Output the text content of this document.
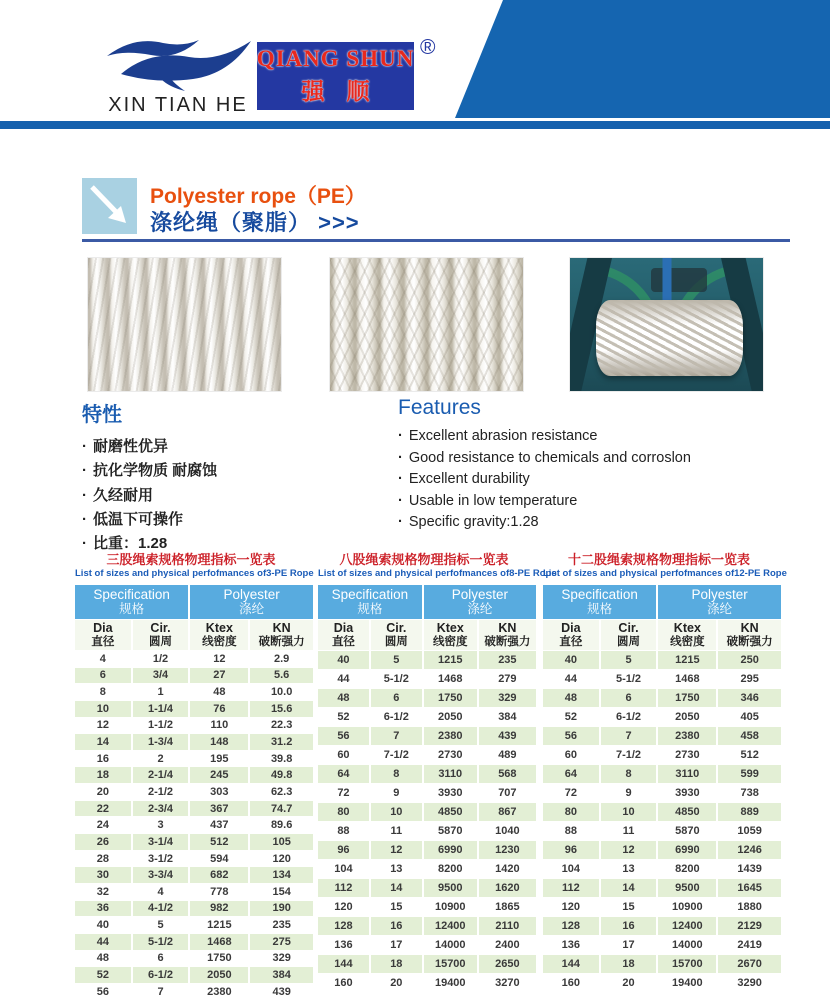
XIN TIAN HE
QIANG SHUN
强顺
®
Polyester rope（PE）
涤纶绳（聚脂） >>>
特性
· 耐磨性优异
· 抗化学物质 耐腐蚀
· 久经耐用
· 低温下可操作
· 比重：1.28
Features
· Excellent abrasion resistance
· Good resistance to chemicals and corroslon
· Excellent durability
· Usable in low temperature
· Specific gravity:1.28
三股绳索规格物理指标一览表
List of sizes and physical perfofmances of3-PE Rope
Specification
规格
Polyester
涤纶
Dia
直径
Cir.
圆周
Ktex
线密度
KN
破断强力
4	1/2	12	2.9
6	3/4	27	5.6
8	1	48	10.0
10	1-1/4	76	15.6
12	1-1/2	110	22.3
14	1-3/4	148	31.2
16	2	195	39.8
18	2-1/4	245	49.8
20	2-1/2	303	62.3
22	2-3/4	367	74.7
24	3	437	89.6
26	3-1/4	512	105
28	3-1/2	594	120
30	3-3/4	682	134
32	4	778	154
36	4-1/2	982	190
40	5	1215	235
44	5-1/2	1468	275
48	6	1750	329
52	6-1/2	2050	384
56	7	2380	439
八股绳索规格物理指标一览表
List of sizes and physical perfofmances of8-PE Rope
Specification
规格
Polyester
涤纶
Dia
直径
Cir.
圆周
Ktex
线密度
KN
破断强力
40	5	1215	235
44	5-1/2	1468	279
48	6	1750	329
52	6-1/2	2050	384
56	7	2380	439
60	7-1/2	2730	489
64	8	3110	568
72	9	3930	707
80	10	4850	867
88	11	5870	1040
96	12	6990	1230
104	13	8200	1420
112	14	9500	1620
120	15	10900	1865
128	16	12400	2110
136	17	14000	2400
144	18	15700	2650
160	20	19400	3270
十二股绳索规格物理指标一览表
List of sizes and physical perfofmances of12-PE Rope
Specification
规格
Polyester
涤纶
Dia
直径
Cir.
圆周
Ktex
线密度
KN
破断强力
40	5	1215	250
44	5-1/2	1468	295
48	6	1750	346
52	6-1/2	2050	405
56	7	2380	458
60	7-1/2	2730	512
64	8	3110	599
72	9	3930	738
80	10	4850	889
88	11	5870	1059
96	12	6990	1246
104	13	8200	1439
112	14	9500	1645
120	15	10900	1880
128	16	12400	2129
136	17	14000	2419
144	18	15700	2670
160	20	19400	3290
